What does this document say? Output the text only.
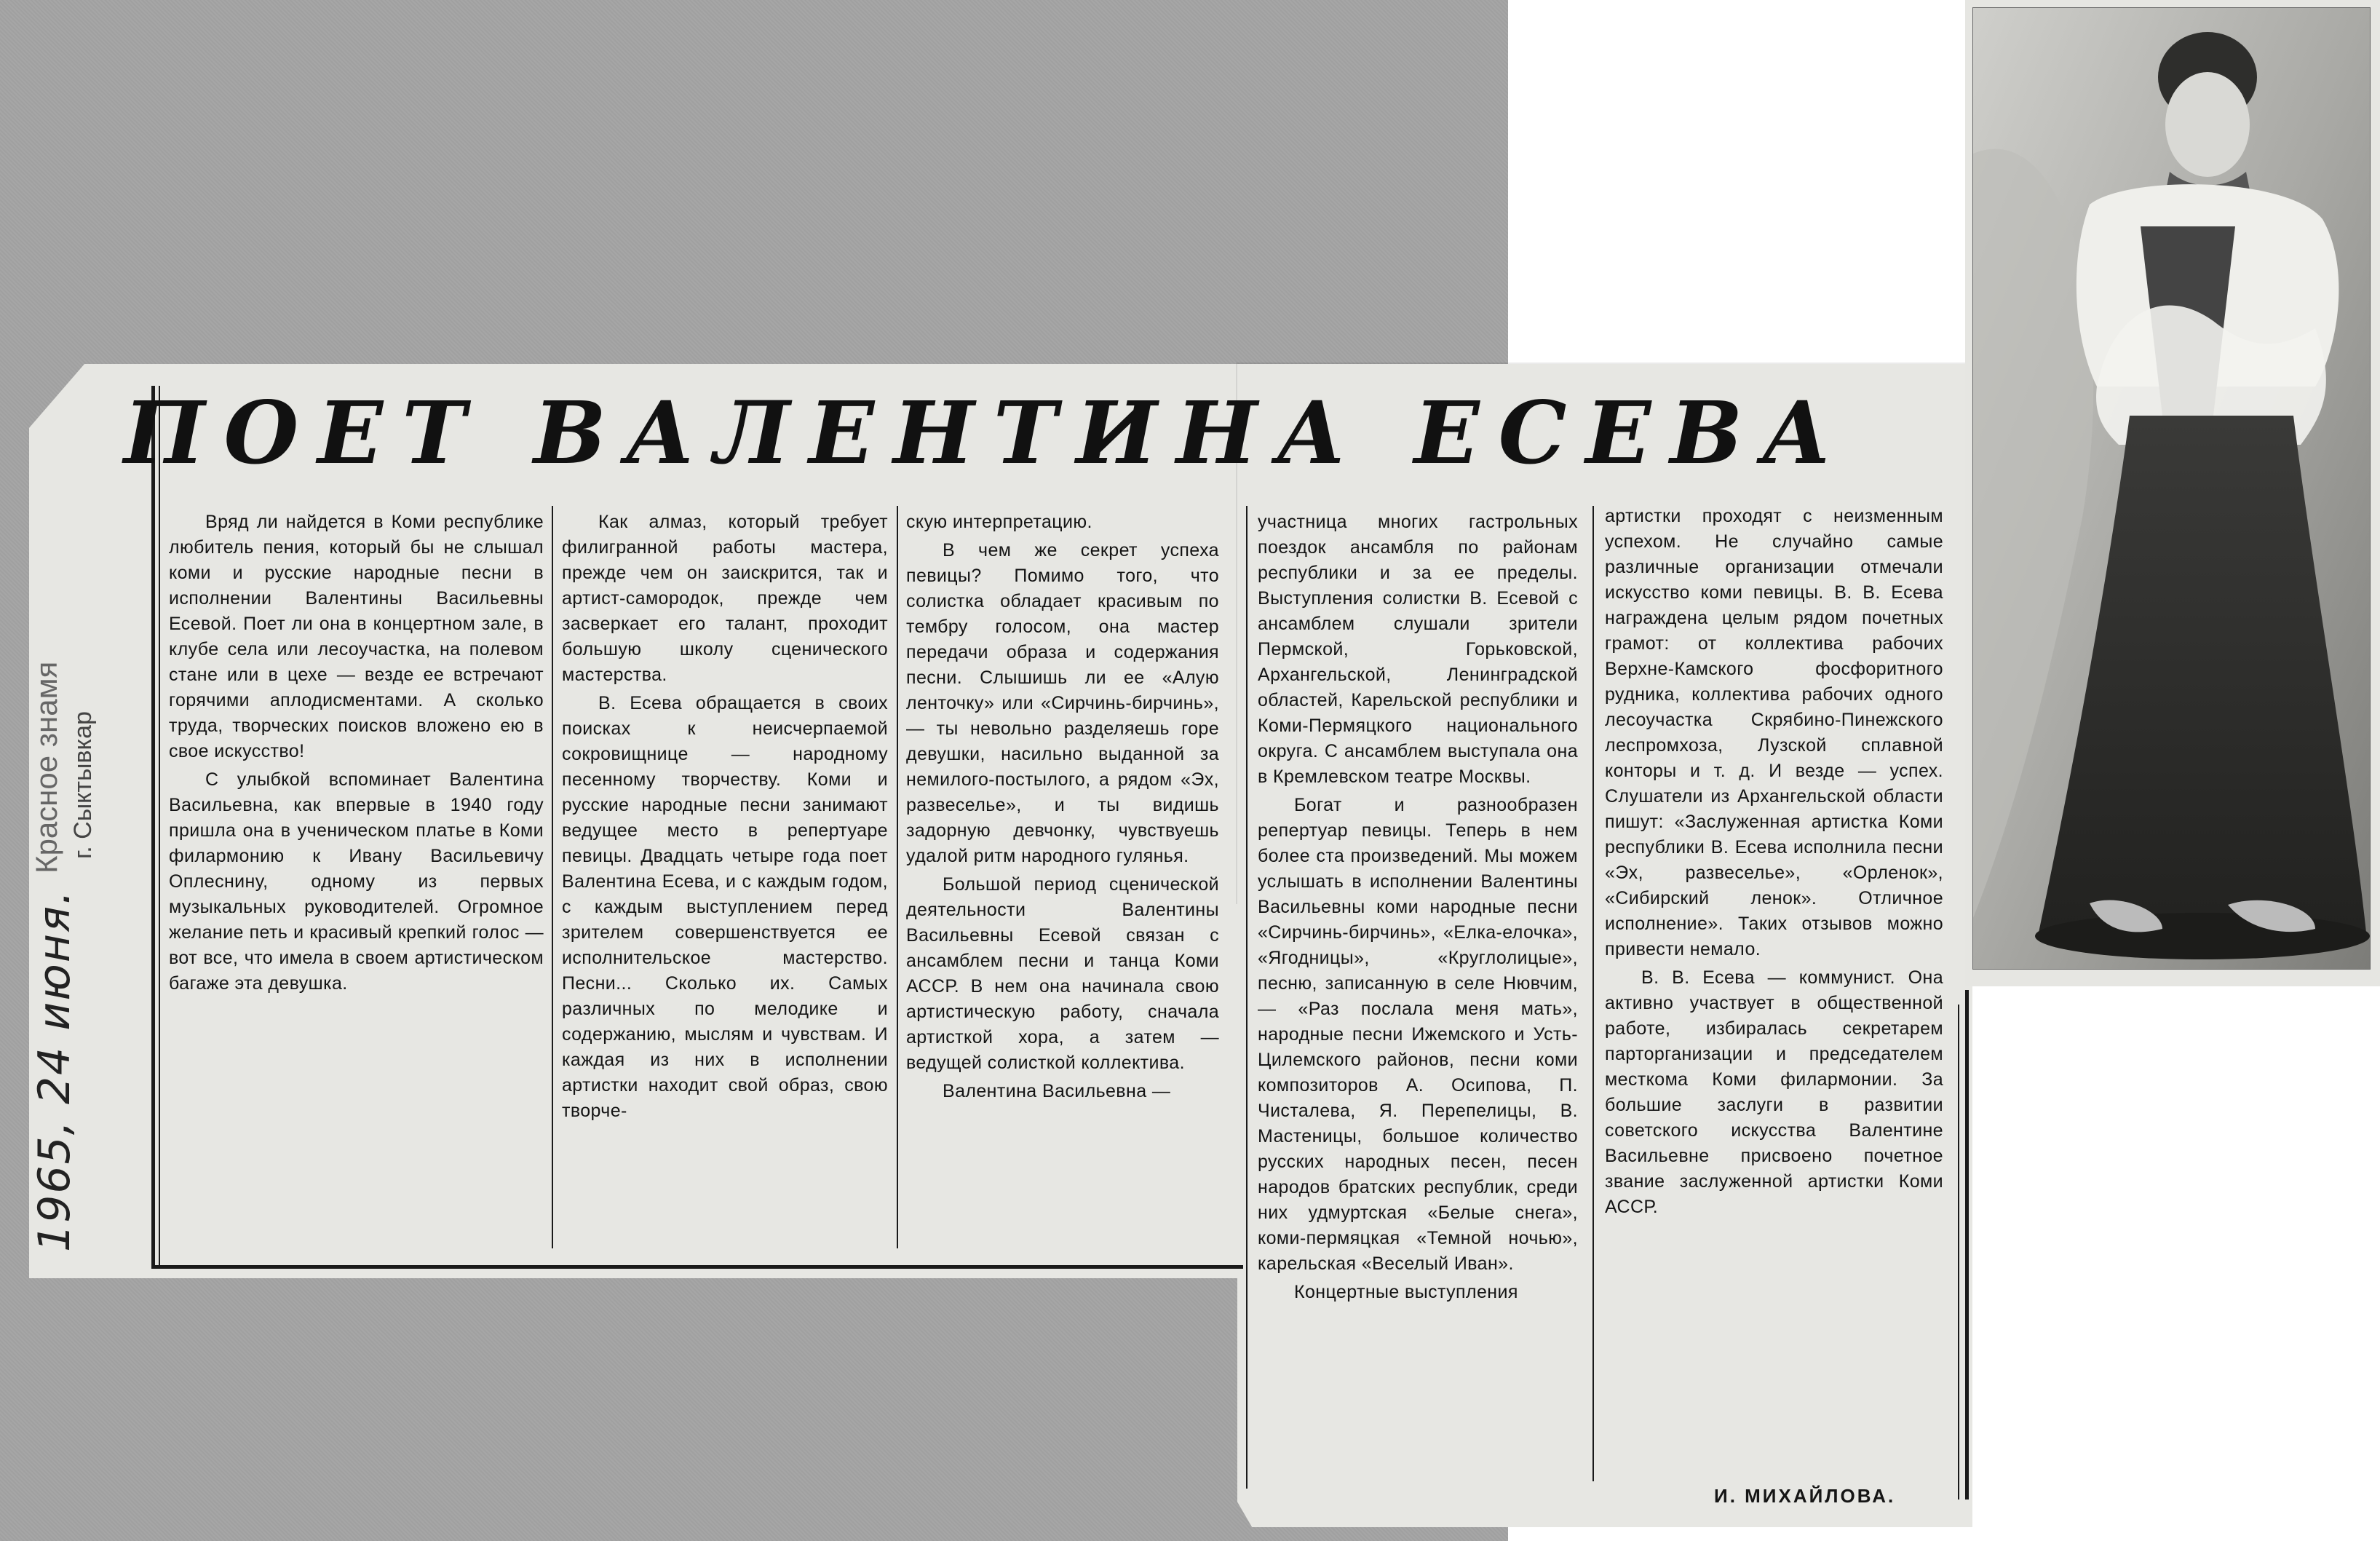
Красное знамя г. Сыктывкар
1965, 24 июня.
ПОЕТ ВАЛЕНТИНА ЕСЕВА

Вряд ли найдется в Коми республике любитель пения, который бы не слышал коми и русские народные песни в исполнении Валентины Васильевны Есевой. Поет ли она в концертном зале, в клубе села или лесоучастка, на полевом стане или в цехе — везде ее встречают горячими аплодисментами. А сколько труда, творческих поисков вложено ею в свое искусство!

С улыбкой вспоминает Валентина Васильевна, как впервые в 1940 году пришла она в ученическом платье в Коми филармонию к Ивану Васильевичу Оплеснину, одному из первых музыкальных руководителей. Огромное желание петь и красивый крепкий голос — вот все, что имела в своем артистическом багаже эта девушка.

Как алмаз, который требует филигранной работы мастера, прежде чем он заискрится, так и артист-самородок, прежде чем засверкает его талант, проходит большую школу сценического мастерства.

В. Есева обращается в своих поисках к неисчерпаемой сокровищнице — народному песенному творчеству. Коми и русские народные песни занимают ведущее место в репертуаре певицы. Двадцать четыре года поет Валентина Есева, и с каждым годом, с каждым выступлением перед зрителем совершенствуется ее исполнительское мастерство. Песни... Сколько их. Самых различных по мелодике и содержанию, мыслям и чувствам. И каждая из них в исполнении артистки находит свой образ, свою творче-

скую интерпретацию.

В чем же секрет успеха певицы? Помимо того, что солистка обладает красивым по тембру голосом, она мастер передачи образа и содержания песни. Слышишь ли ее «Алую ленточку» или «Сирчинь-бирчинь», — ты невольно разделяешь горе девушки, насильно выданной за немилого-постылого, а рядом «Эх, развеселье», и ты видишь задорную девчонку, чувствуешь удалой ритм народного гулянья.

Большой период сценической деятельности Валентины Васильевны Есевой связан с ансамблем песни и танца Коми АССР. В нем она начинала свою артистическую работу, сначала артисткой хора, а затем — ведущей солисткой коллектива.

Валентина Васильевна —

участница многих гастрольных поездок ансамбля по районам республики и за ее пределы. Выступления солистки В. Есевой с ансамблем слушали зрители Пермской, Горьковской, Архангельской, Ленинградской областей, Карельской республики и Коми-Пермяцкого национального округа. С ансамблем выступала она в Кремлевском театре Москвы.

Богат и разнообразен репертуар певицы. Теперь в нем более ста произведений. Мы можем услышать в исполнении Валентины Васильевны коми народные песни «Сирчинь-бирчинь», «Елка-елочка», «Ягодницы», «Круглолицые», песню, записанную в селе Нювчим, — «Раз послала меня мать», народные песни Ижемского и Усть-Цилемского районов, песни коми композиторов А. Осипова, П. Чисталева, Я. Перепелицы, В. Мастеницы, большое количество русских народных песен, песен народов братских республик, среди них удмуртская «Белые снега», коми-пермяцкая «Темной ночью», карельская «Веселый Иван».

Концертные выступления

артистки проходят с неизменным успехом. Не случайно самые различные организации отмечали искусство коми певицы. В. В. Есева награждена целым рядом почетных грамот: от коллектива рабочих Верхне-Камского фосфоритного рудника, коллектива рабочих одного лесоучастка Скрябино-Пинежского леспромхоза, Лузской сплавной конторы и т. д. И везде — успех. Слушатели из Архангельской области пишут: «Заслуженная артистка Коми республики В. Есева исполнила песни «Эх, развеселье», «Орленок», «Сибирский ленок». Отличное исполнение». Таких отзывов можно привести немало.

В. В. Есева — коммунист. Она активно участвует в общественной работе, избиралась секретарем парторганизации и председателем месткома Коми филармонии. За большие заслуги в развитии советского искусства Валентине Васильевне присвоено почетное звание заслуженной артистки Коми АССР.

И. МИХАЙЛОВА.
